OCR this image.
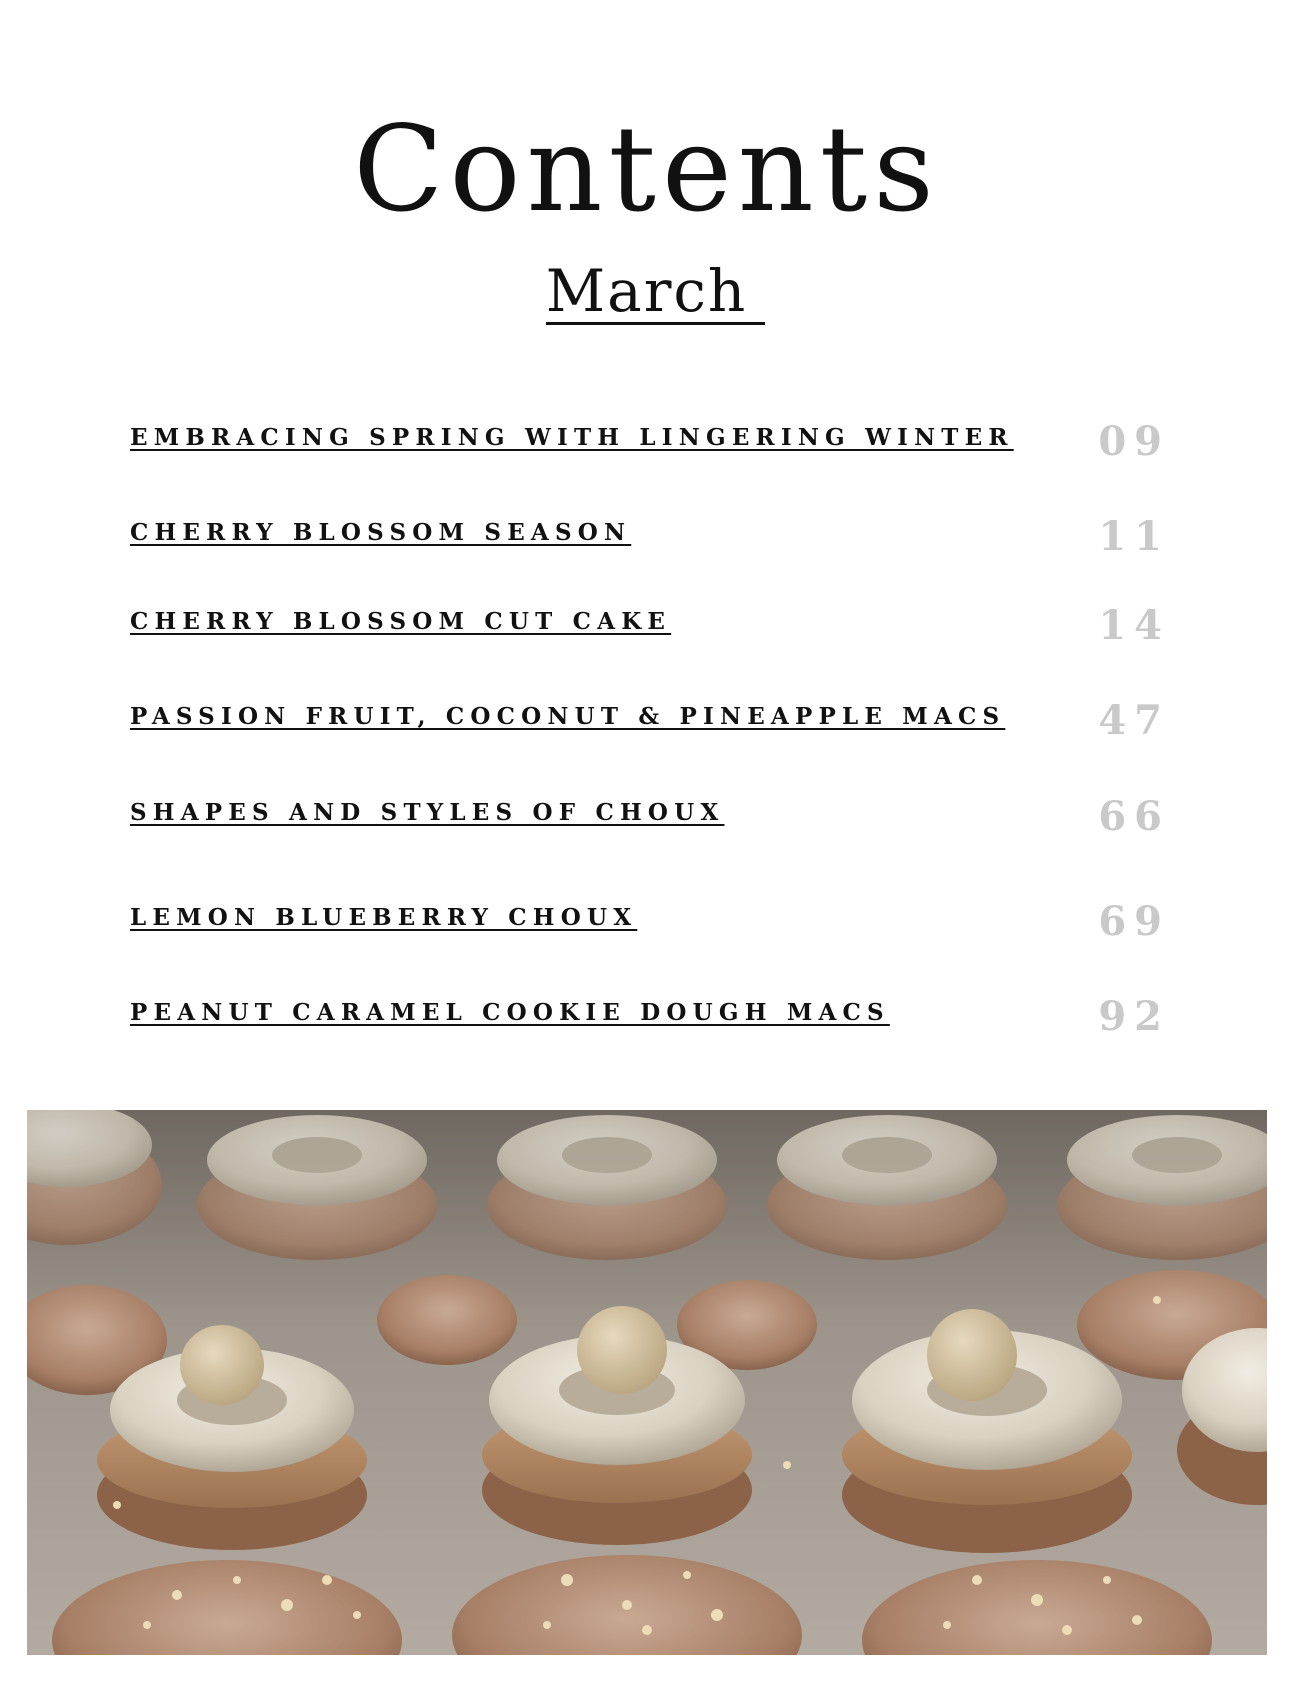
Contents
March
EMBRACING SPRING WITH LINGERING WINTER 09
CHERRY BLOSSOM SEASON	11
CHERRY BLOSSOM CUT CAKE	14
PASSION FRUIT, COCONUT & PINEAPPLE MACS 47
SHAPES AND STYLES OF CHOUX	66
LEMON BLUEBERRY CHOUX	69
PEANUT CARAMEL COOKIE DOUGH MACS	92
